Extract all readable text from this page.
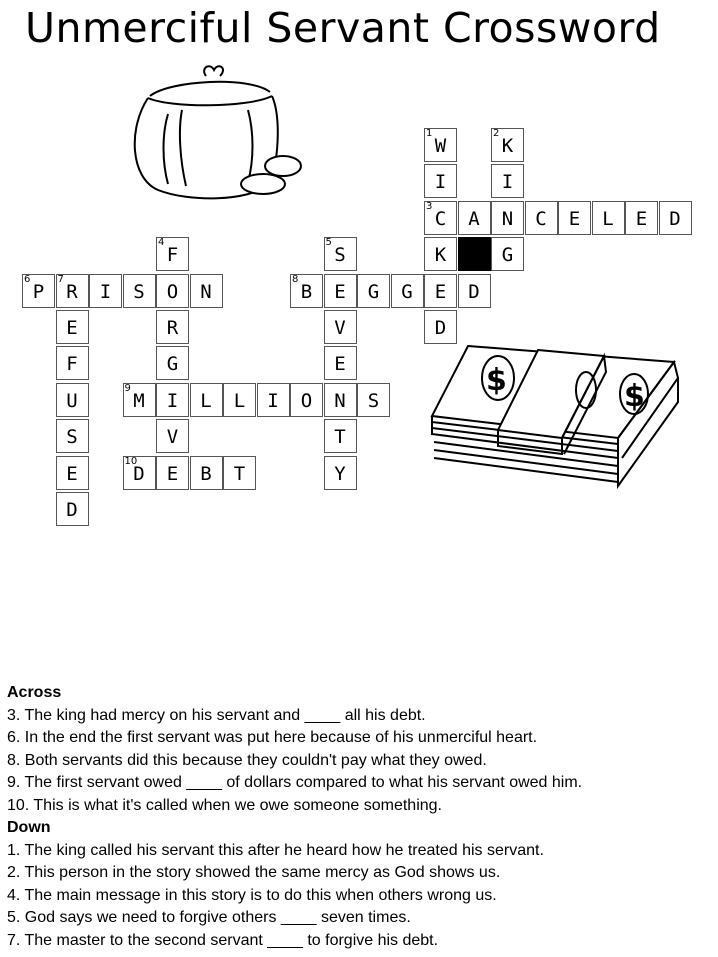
Unmerciful Servant Crossword
$	$
1
W
I
3
C
K
E
D
2
K
I
N
G
A	C	E	L	E	D
6
P
7
R	I	S	O	N
E
F
U
S
E
D
4
F
R
G
I
V
E
10
D	B	T
8
B	E	G	G	D
5
S
V
E
N
T
Y
9
M	L	L	I	O	S
Across
3. The king had mercy on his servant and ____ all his debt.
6. In the end the first servant was put here because of his unmerciful heart.
8. Both servants did this because they couldn't pay what they owed.
9. The first servant owed ____ of dollars compared to what his servant owed him.
10. This is what it's called when we owe someone something.
Down
1. The king called his servant this after he heard how he treated his servant.
2. This person in the story showed the same mercy as God shows us.
4. The main message in this story is to do this when others wrong us.
5. God says we need to forgive others ____ seven times.
7. The master to the second servant ____ to forgive his debt.
